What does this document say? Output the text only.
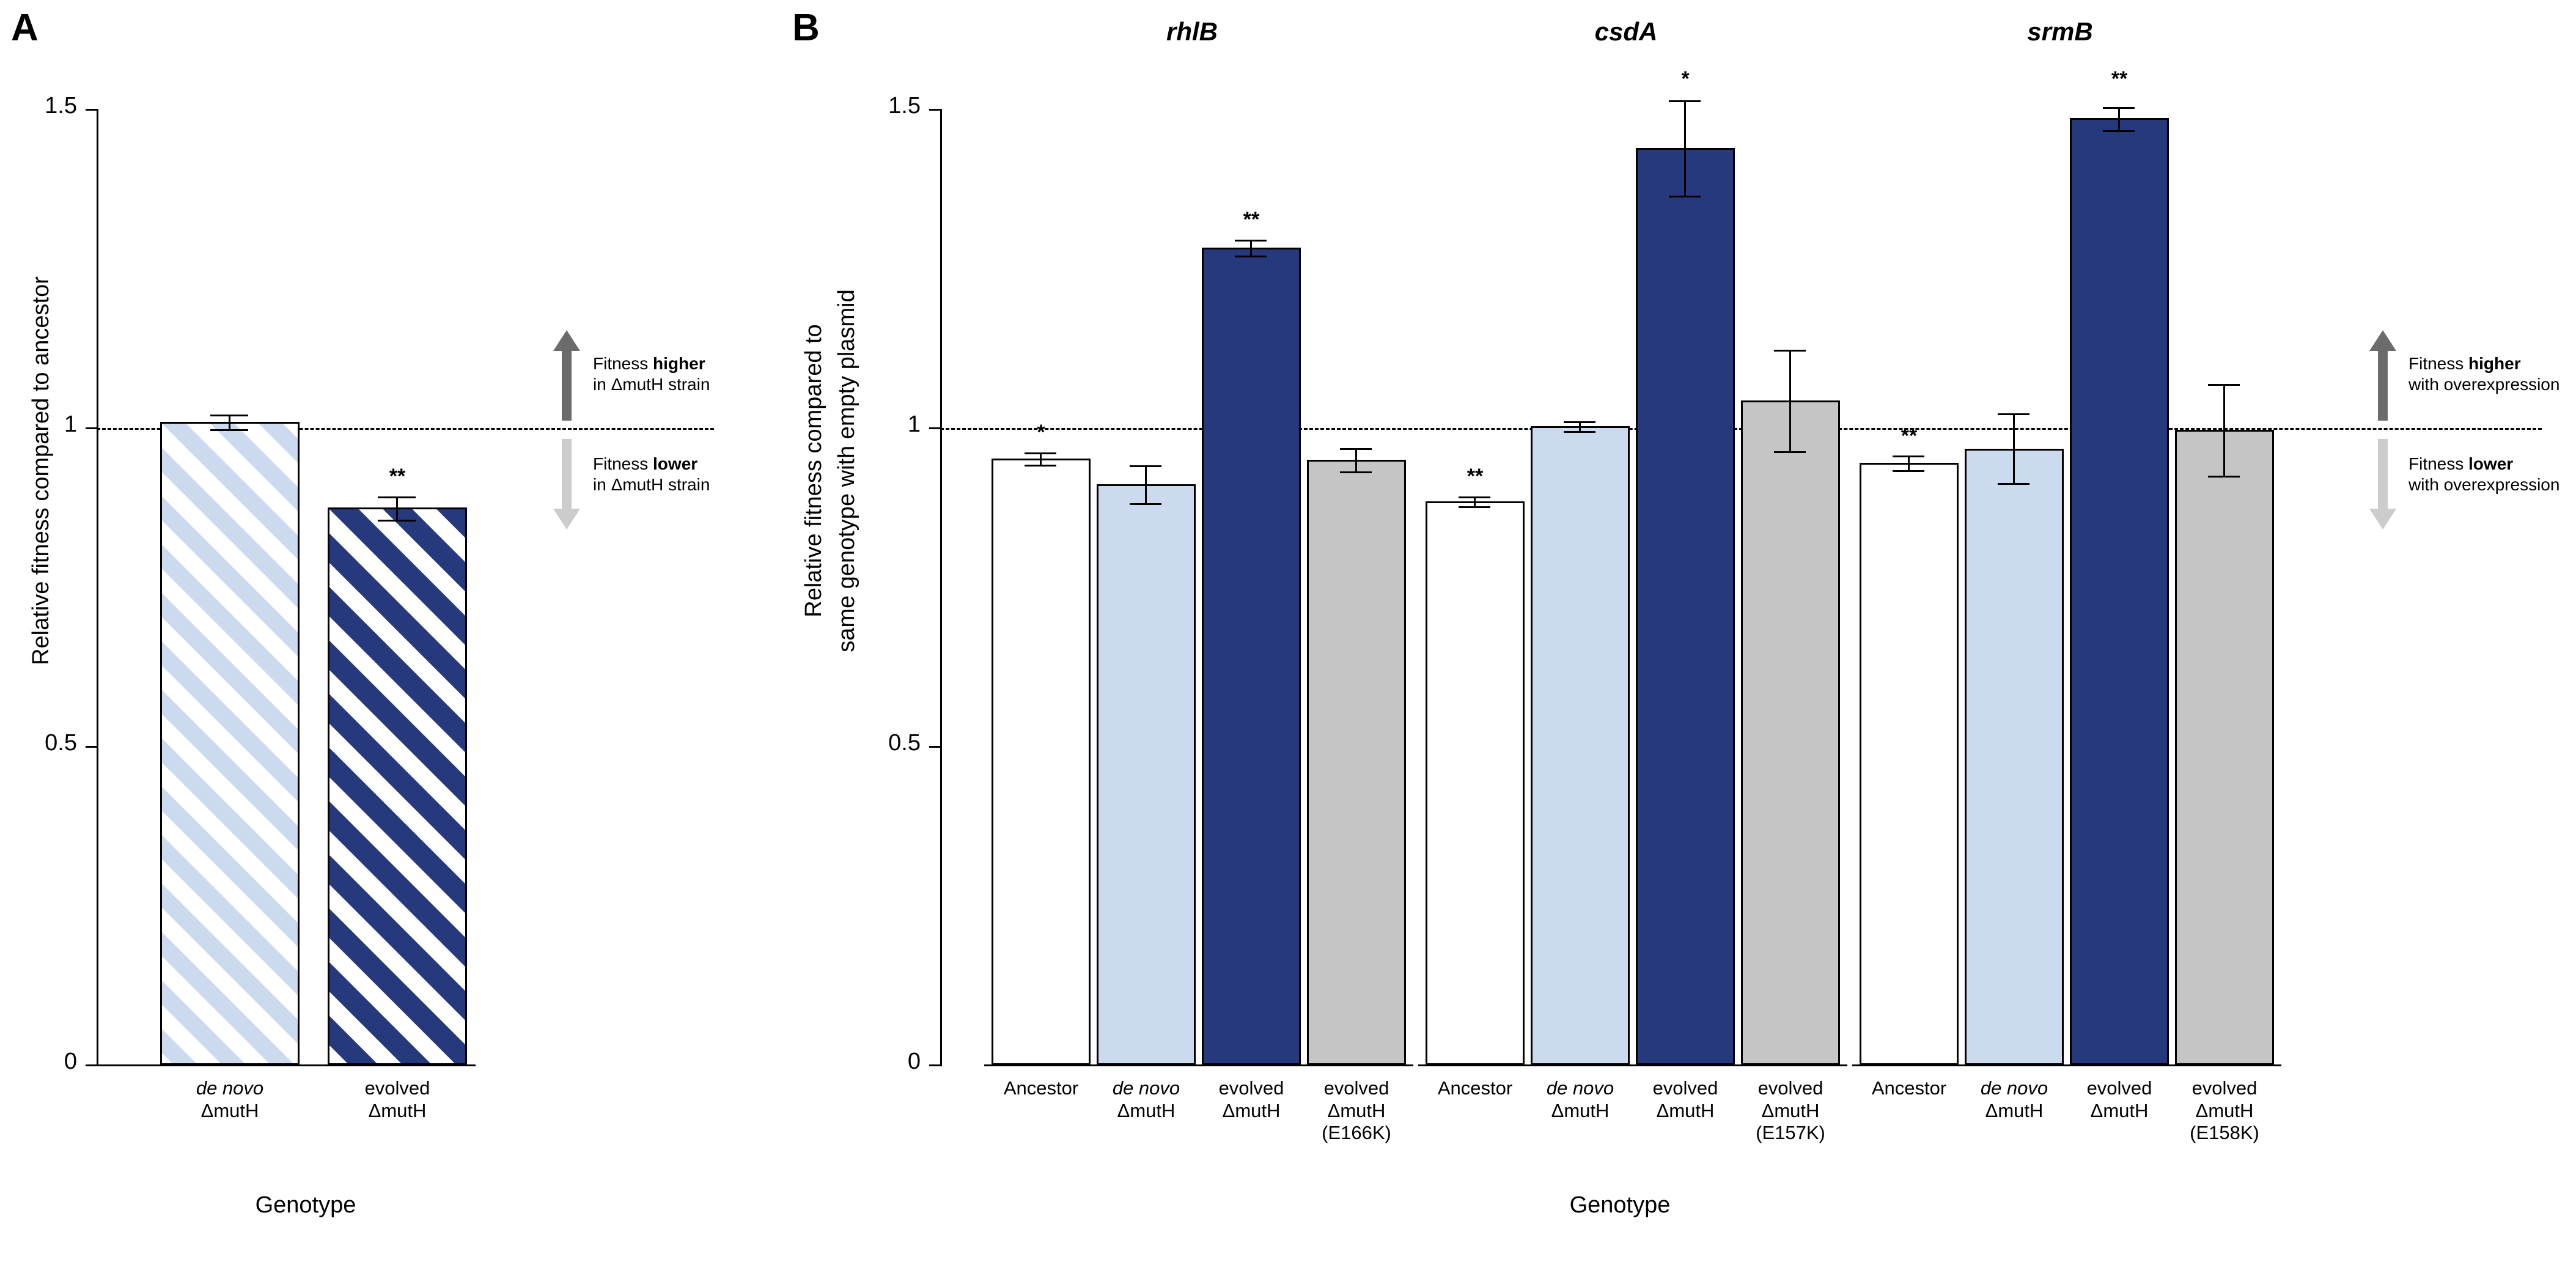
A
Relative fitness compared to ancestor
1.5
1
0.5
0
**
de novo
ΔmutH
evolved
ΔmutH
Genotype
Fitness higher
in ΔmutH strain
Fitness lower
in ΔmutH strain
B
Relative fitness compared to same genotype with empty plasmid
1.5
1
0.5
0
rhlB
*
**
Ancestor	de novo
ΔmutH
evolved
ΔmutH
evolved
ΔmutH
(E166K)
csdA
**
*
Ancestor	de novo
ΔmutH
evolved
ΔmutH
evolved
ΔmutH
(E157K)
srmB
**
**
Ancestor	de novo
ΔmutH
evolved
ΔmutH
evolved
ΔmutH
(E158K)
Genotype
Fitness higher
with overexpression
Fitness lower
with overexpression
